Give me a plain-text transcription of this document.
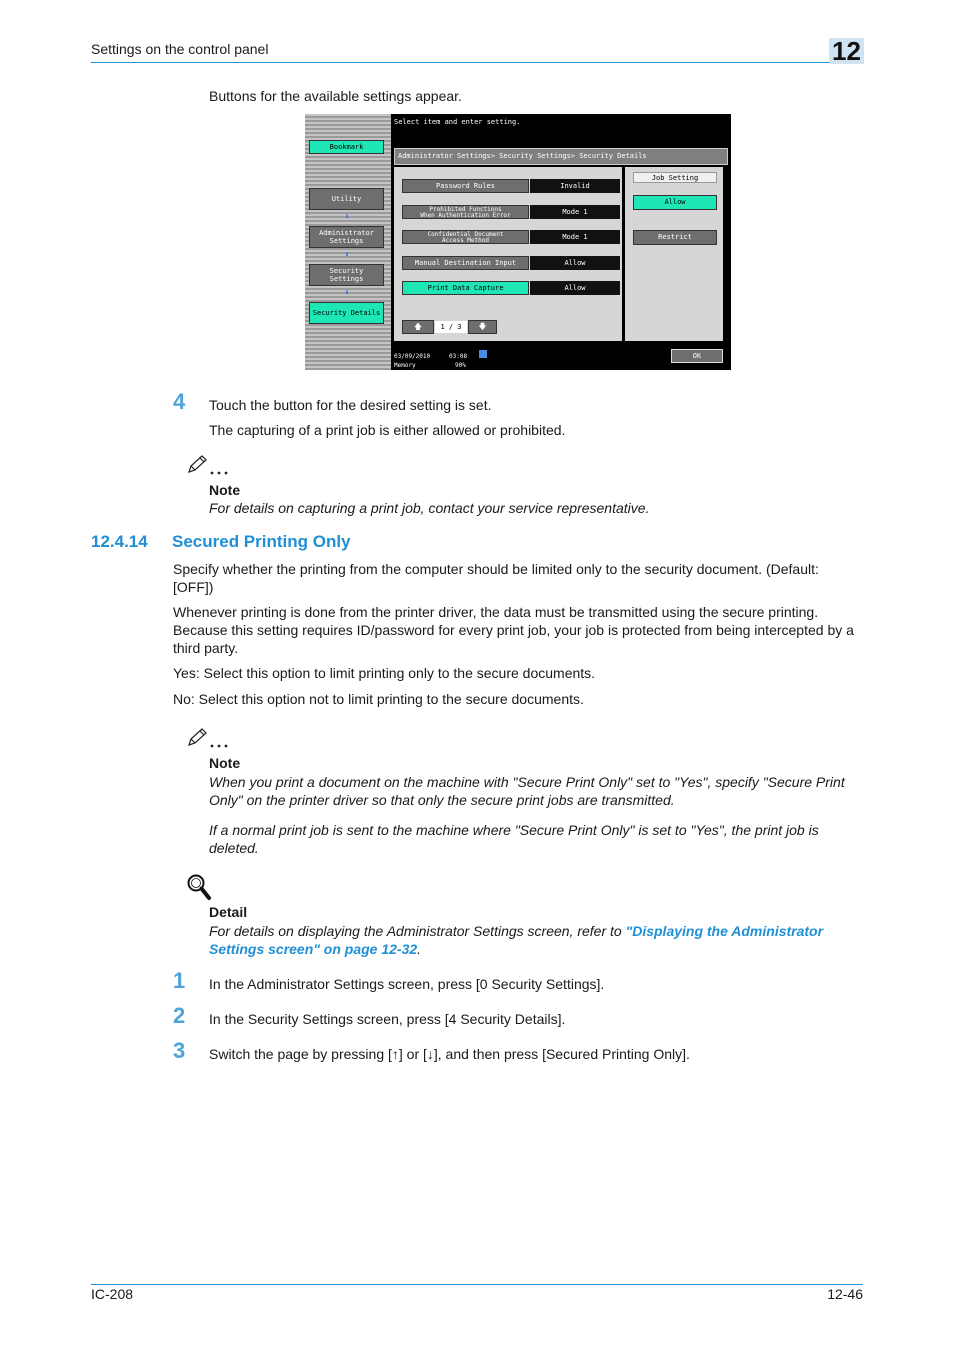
Settings on the control panel	12
Buttons for the available settings appear.
Bookmark
Utility
⬇
Administrator
Settings
⬇
Security
Settings
⬇
Security Details
Select item and enter setting.
Administrator Settings> Security Settings> Security Details
Password Rules	Invalid
Prohibited Functions
When Authentication Error	Mode 1
Confidential Document
Access Method	Mode 1
Manual Destination Input	Allow
Print Data Capture	Allow
🡅	1 / 3	🡇
Job Setting
Allow
Restrict
03/09/2010	03:08
Memory	90%
OK
4 Touch the button for the desired setting is set.
The capturing of a print job is either allowed or prohibited.
Note
For details on capturing a print job, contact your service representative.
12.4.14 Secured Printing Only
Specify whether the printing from the computer should be limited only to the security document. (Default: [OFF])
Whenever printing is done from the printer driver, the data must be transmitted using the secure printing. Because this setting requires ID/password for every print job, your job is protected from being intercepted by a third party.
Yes: Select this option to limit printing only to the secure documents.
No: Select this option not to limit printing to the secure documents.
Note
When you print a document on the machine with "Secure Print Only" set to "Yes", specify "Secure Print Only" on the printer driver so that only the secure print jobs are transmitted.
If a normal print job is sent to the machine where "Secure Print Only" is set to "Yes", the print job is deleted.
Detail
For details on displaying the Administrator Settings screen, refer to "Displaying the Administrator Settings screen" on page 12-32.
1 In the Administrator Settings screen, press [0 Security Settings].
2 In the Security Settings screen, press [4 Security Details].
3 Switch the page by pressing [↑] or [↓], and then press [Secured Printing Only].
IC-208	12-46
